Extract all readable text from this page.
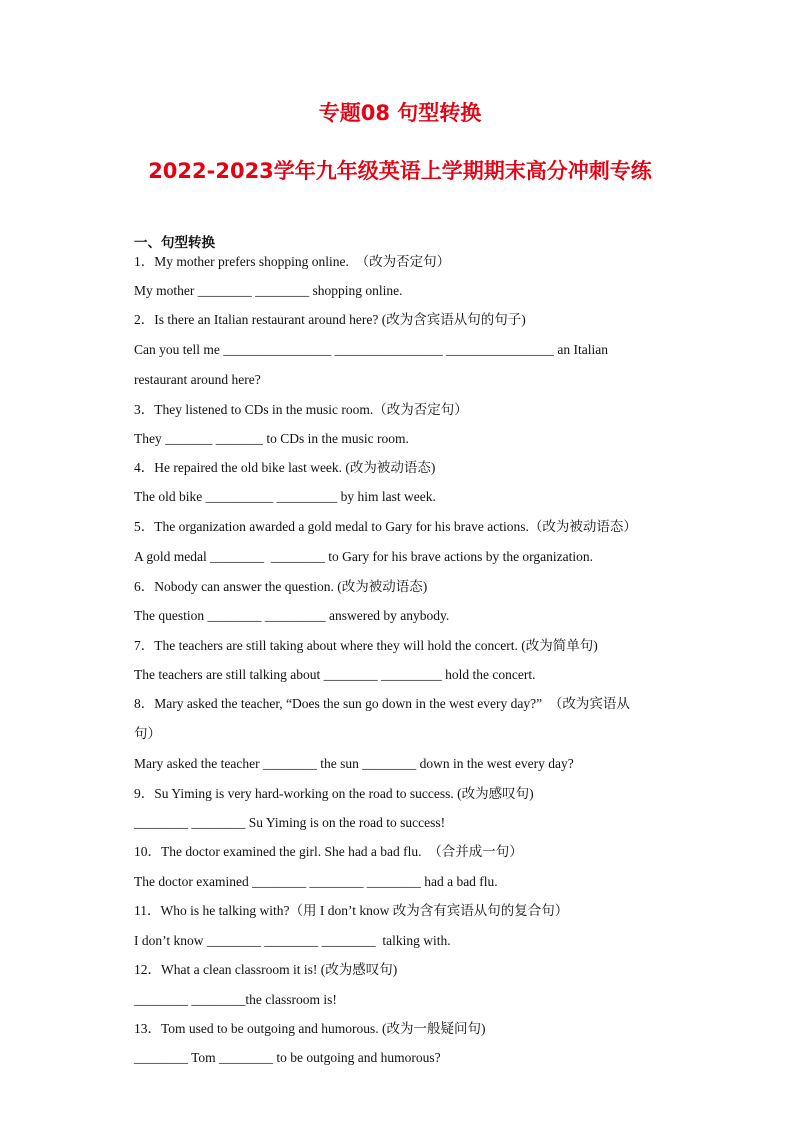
专题08 句型转换
2022-2023学年九年级英语上学期期末高分冲刺专练
一、句型转换
1．My mother prefers shopping online.  （改为否定句）
My mother ________ ________ shopping online.
2．Is there an Italian restaurant around here? (改为含宾语从句的句子)
Can you tell me ________________ ________________ ________________ an Italian
restaurant around here?
3．They listened to CDs in the music room.（改为否定句）
They _______ _______ to CDs in the music room.
4．He repaired the old bike last week. (改为被动语态)
The old bike __________ _________ by him last week.
5．The organization awarded a gold medal to Gary for his brave actions.（改为被动语态）
A gold medal ________  ________ to Gary for his brave actions by the organization.
6．Nobody can answer the question. (改为被动语态)
The question ________ _________ answered by anybody.
7．The teachers are still taking about where they will hold the concert. (改为简单句)
The teachers are still talking about ________ _________ hold the concert.
8．Mary asked the teacher, “Does the sun go down in the west every day?”  （改为宾语从
句）
Mary asked the teacher ________ the sun ________ down in the west every day?
9．Su Yiming is very hard-working on the road to success. (改为感叹句)
________ ________ Su Yiming is on the road to success!
10．The doctor examined the girl. She had a bad flu.  （合并成一句）
The doctor examined ________ ________ ________ had a bad flu.
11．Who is he talking with?（用 I don’t know 改为含有宾语从句的复合句）
I don’t know ________ ________ ________  talking with.
12．What a clean classroom it is! (改为感叹句)
________ ________the classroom is!
13．Tom used to be outgoing and humorous. (改为一般疑问句)
________ Tom ________ to be outgoing and humorous?
